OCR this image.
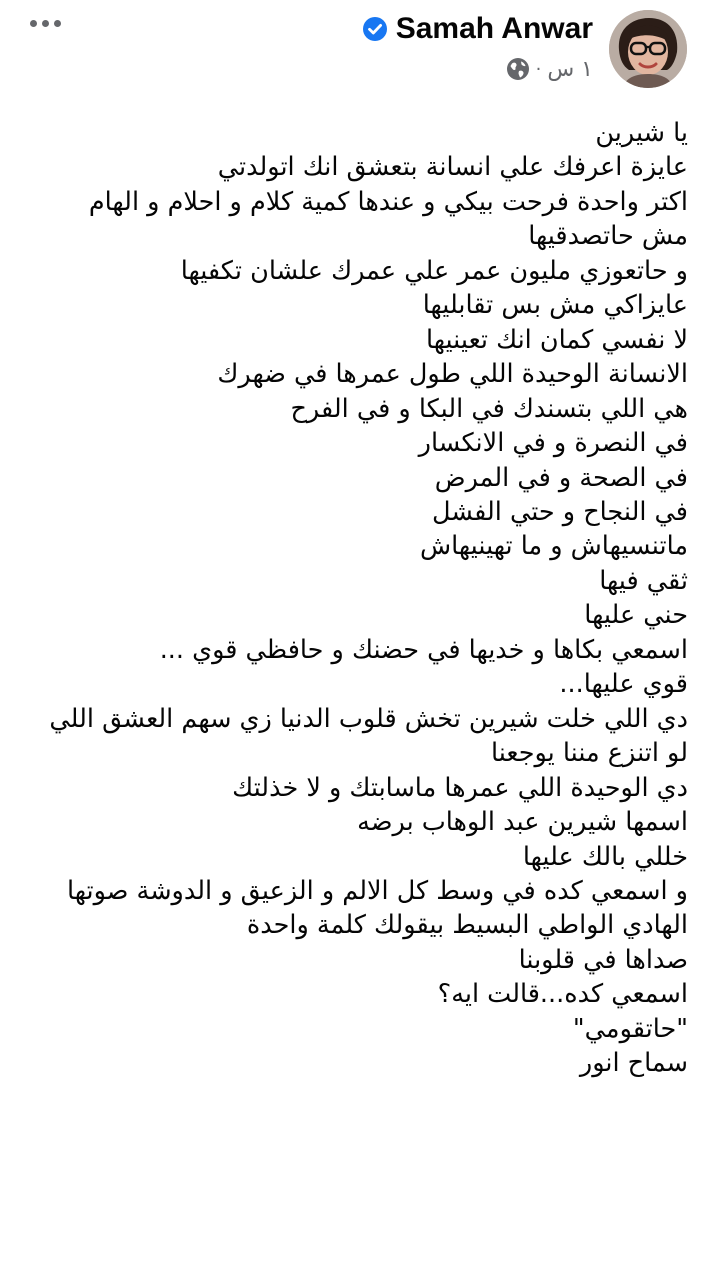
Samah Anwar
· ١ س
يا شيرين
عايزة اعرفك علي انسانة بتعشق انك اتولدتي
اكتر واحدة فرحت بيكي و عندها كمية كلام و احلام و الهام
مش حاتصدقيها
و حاتعوزي مليون عمر علي عمرك علشان تكفيها
عايزاكي مش بس تقابليها
لا نفسي كمان انك تعينيها
الانسانة الوحيدة اللي طول عمرها في ضهرك
هي اللي بتسندك في البكا و في الفرح
في النصرة و في الانكسار
في الصحة و في المرض
في النجاح و حتي الفشل
ماتنسيهاش و ما تهينيهاش
ثقي فيها
حني عليها
اسمعي بكاها و خديها في حضنك و حافظي قوي ...
قوي عليها...
دي اللي خلت شيرين تخش قلوب الدنيا زي سهم العشق اللي
لو اتنزع مننا يوجعنا
دي الوحيدة اللي عمرها ماسابتك و لا خذلتك
اسمها شيرين عبد الوهاب برضه
خللي بالك عليها
و اسمعي كده في وسط كل الالم و الزعيق و الدوشة صوتها
الهادي الواطي البسيط بيقولك كلمة واحدة
صداها في قلوبنا
اسمعي كده...قالت ايه؟
"حاتقومي"
سماح انور
